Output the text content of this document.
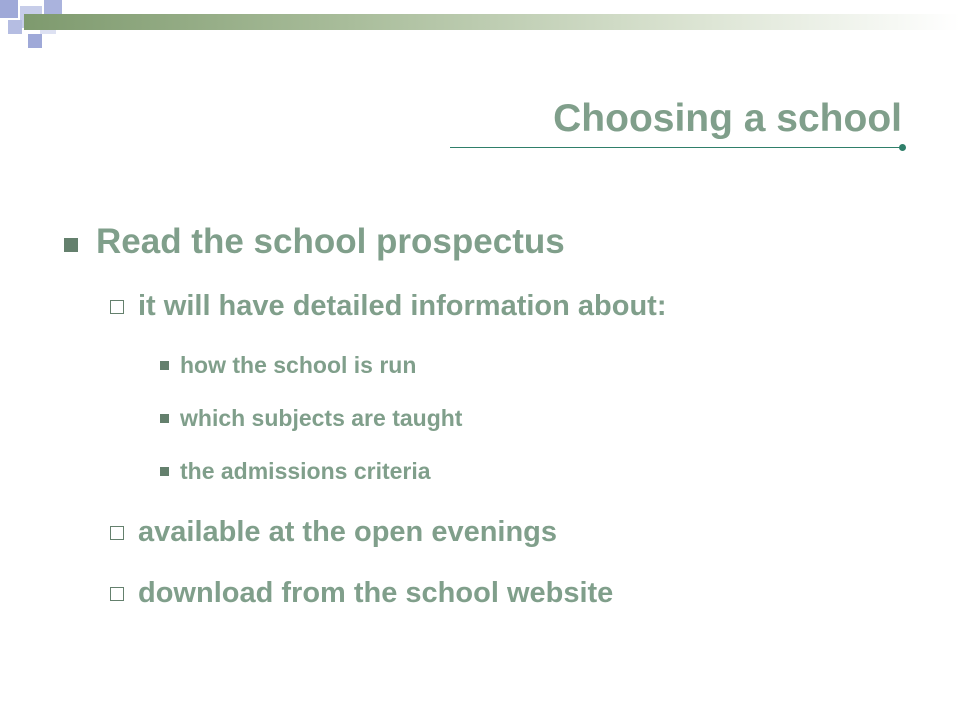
Choosing a school
Read the school prospectus
it will have detailed information about:
how the school is run
which subjects are taught
the admissions criteria
available at the open evenings
download from the school website
